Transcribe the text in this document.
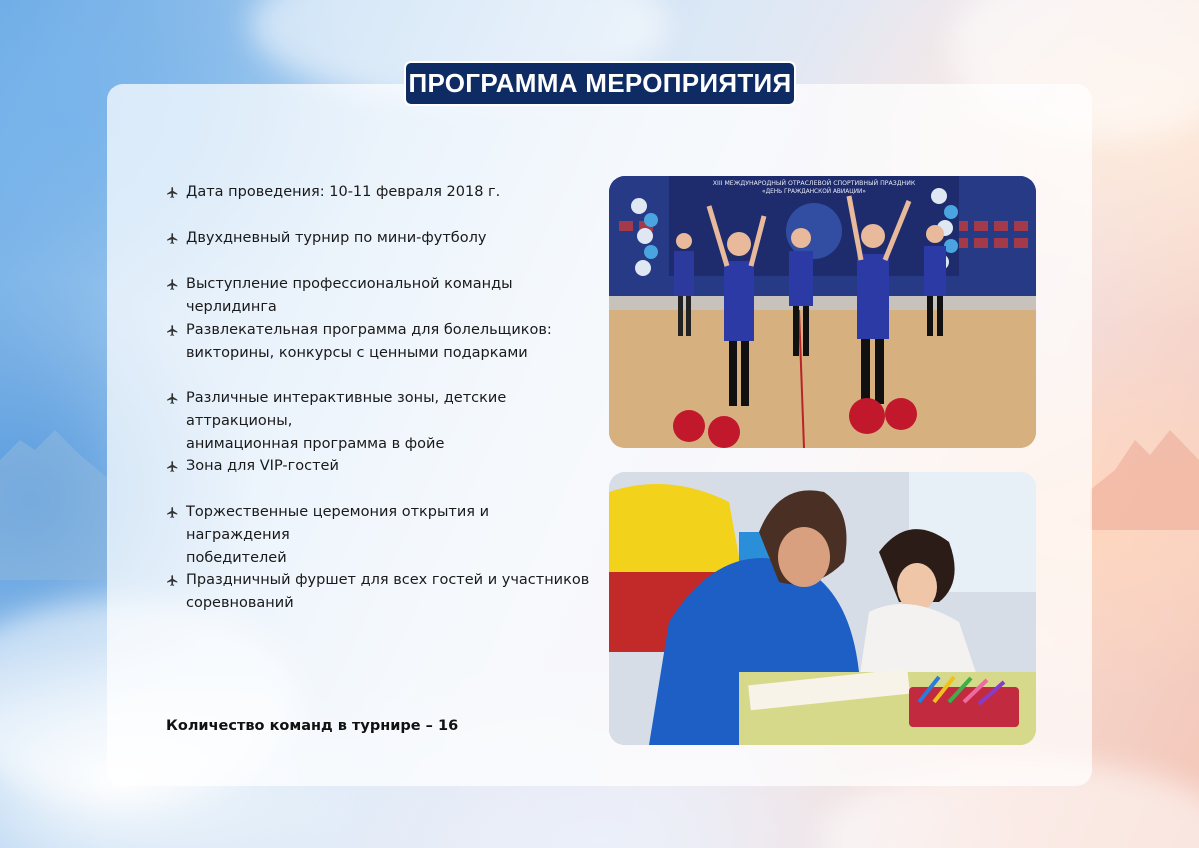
ПРОГРАММА МЕРОПРИЯТИЯ
Дата проведения: 10-11 февраля 2018 г.
Двухдневный турнир по мини-футболу
Выступление профессиональной команды черлидинга
Развлекательная программа для болельщиков:
викторины, конкурсы с ценными подарками
Различные интерактивные зоны, детские аттракционы,
анимационная программа в фойе
Зона для VIP-гостей
Торжественные церемония открытия и награждения
победителей
Праздничный фуршет для всех гостей и участников
соревнований
Количество команд в турнире – 16
XIII МЕЖДУНАРОДНЫЙ ОТРАСЛЕВОЙ СПОРТИВНЫЙ ПРАЗДНИК
«ДЕНЬ ГРАЖДАНСКОЙ АВИАЦИИ»
